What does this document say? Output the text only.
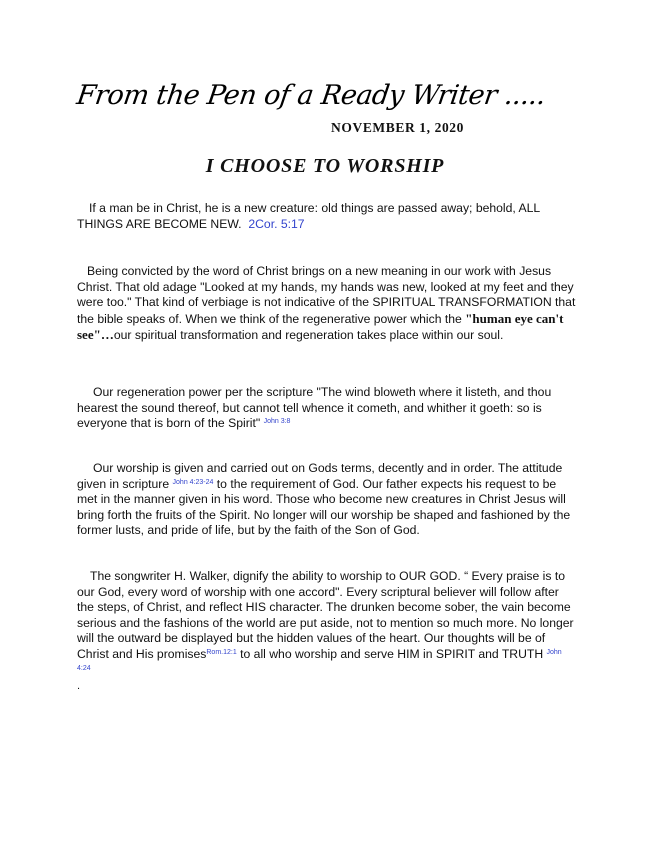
From the Pen of a Ready Writer .....
NOVEMBER 1, 2020
I CHOOSE TO WORSHIP
If a man be in Christ, he is a new creature: old things are passed away; behold, ALL THINGS ARE BECOME NEW. 2Cor. 5:17
Being convicted by the word of Christ brings on a new meaning in our work with Jesus Christ. That old adage "Looked at my hands, my hands was new, looked at my feet and they were too." That kind of verbiage is not indicative of the SPIRITUAL TRANSFORMATION that the bible speaks of. When we think of the regenerative power which the "human eye can't see"…our spiritual transformation and regeneration takes place within our soul.
Our regeneration power per the scripture "The wind bloweth where it listeth, and thou hearest the sound thereof, but cannot tell whence it cometh, and whither it goeth: so is everyone that is born of the Spirit" $^{John 3:8}$
Our worship is given and carried out on Gods terms, decently and in order. The attitude given in scripture $^{John 4:23-24}$ to the requirement of God. Our father expects his request to be met in the manner given in his word. Those who become new creatures in Christ Jesus will bring forth the fruits of the Spirit. No longer will our worship be shaped and fashioned by the former lusts, and pride of life, but by the faith of the Son of God.
The songwriter H. Walker, dignify the ability to worship to OUR GOD. “ Every praise is to our God, every word of worship with one accord". Every scriptural believer will follow after the steps, of Christ, and reflect HIS character. The drunken become sober, the vain become serious and the fashions of the world are put aside, not to mention so much more. No longer will the outward be displayed but the hidden values of the heart. Our thoughts will be of Christ and His promises$^{Rom.12:1}$ to all who worship and serve HIM in SPIRIT and TRUTH $^{John 4:24}$
.
